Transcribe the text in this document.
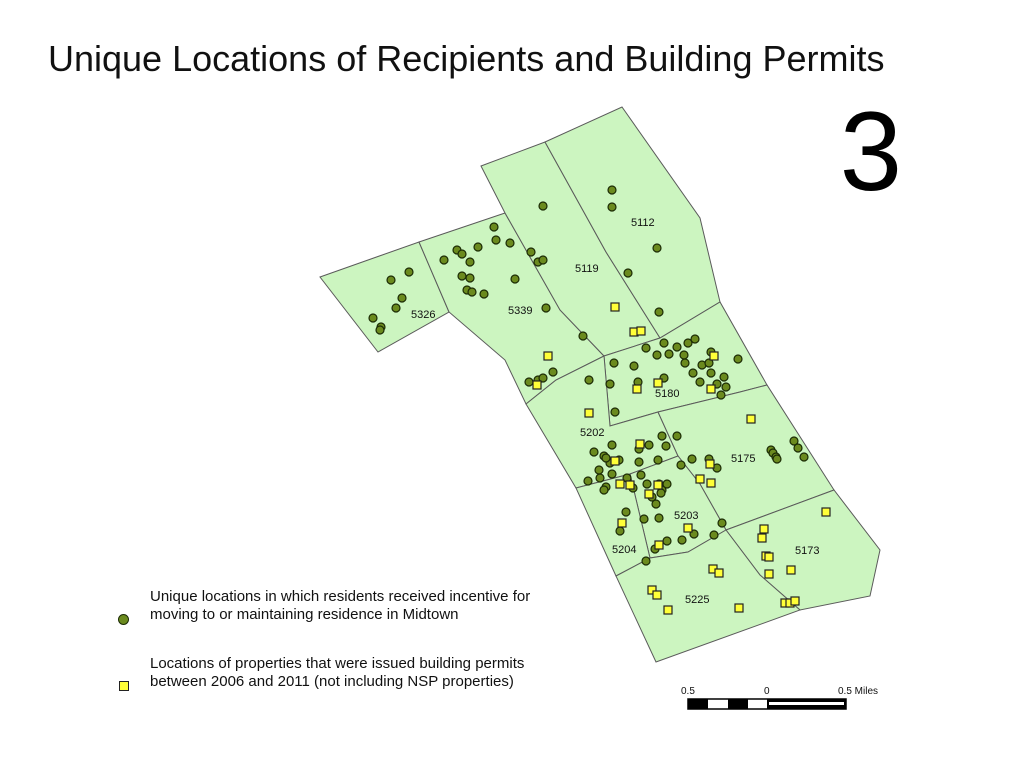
Unique Locations of Recipients and Building Permits
3
5112
5119
5326	5339
5180
5202
5175
5203
5204	5173
5225
Unique locations in which residents received incentive for moving to or maintaining residence in Midtown
Locations of properties that were issued building permits between 2006 and 2011 (not including NSP properties)
0.5	0	0.5 Miles
